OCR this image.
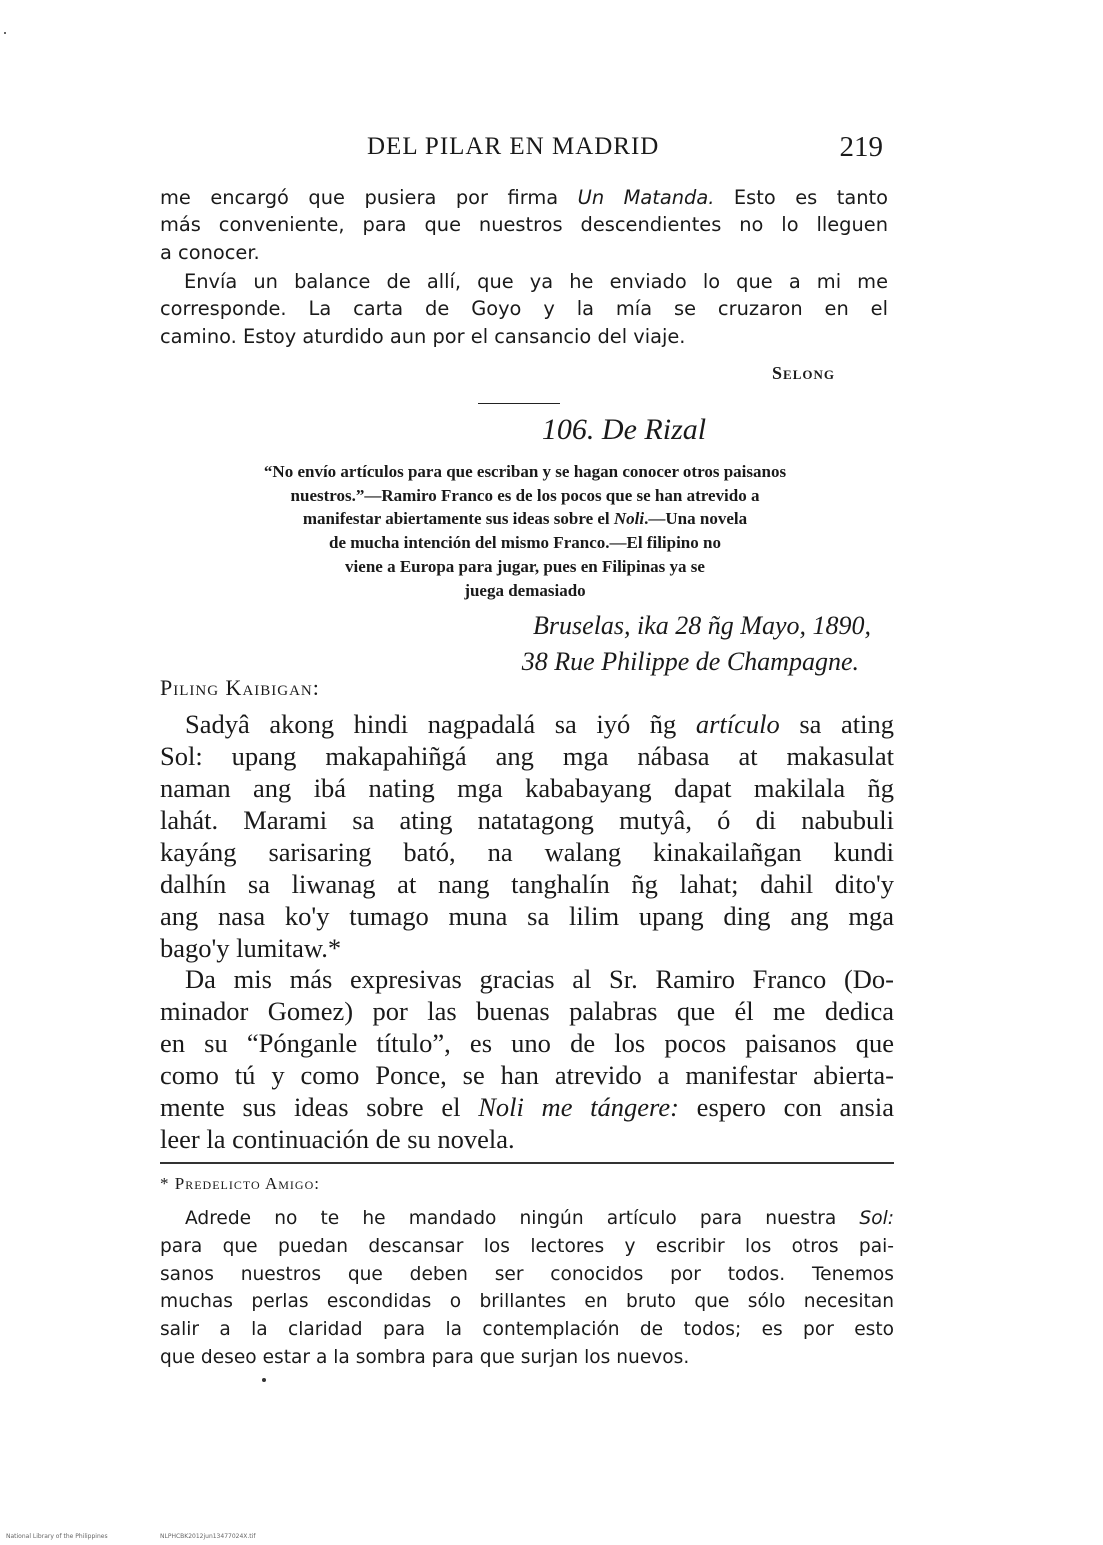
DEL PILAR EN MADRID	219
me encargó que pusiera por firma Un Matanda. Esto es tanto
más conveniente, para que nuestros descendientes no lo lleguen
a conocer.
Envía un balance de allí, que ya he enviado lo que a mi me
corresponde. La carta de Goyo y la mía se cruzaron en el
camino. Estoy aturdido aun por el cansancio del viaje.
Selong
106. De Rizal
“No envío artículos para que escriban y se hagan conocer otros paisanos
nuestros.”—Ramiro Franco es de los pocos que se han atrevido a
manifestar abiertamente sus ideas sobre el Noli.—Una novela
de mucha intención del mismo Franco.—El filipino no
viene a Europa para jugar, pues en Filipinas ya se
juega demasiado
Bruselas, ika 28 ñg Mayo, 1890,
38 Rue Philippe de Champagne.
Piling Kaibigan:
Sadyâ akong hindi nagpadalá sa iyó ñg artículo sa ating
Sol: upang makapahiñgá ang mga nábasa at makasulat
naman ang ibá nating mga kababayang dapat makilala ñg
lahát. Marami sa ating natatagong mutyâ, ó di nabubuli
kayáng sarisaring bató, na walang kinakailañgan kundi
dalhín sa liwanag at nang tanghalín ñg lahat; dahil dito'y
ang nasa ko'y tumago muna sa lilim upang ding ang mga
bago'y lumitaw.*
Da mis más expresivas gracias al Sr. Ramiro Franco (Do-
minador Gomez) por las buenas palabras que él me dedica
en su “Pónganle título”, es uno de los pocos paisanos que
como tú y como Ponce, se han atrevido a manifestar abierta-
mente sus ideas sobre el Noli me tángere: espero con ansia
leer la continuación de su novela.
* Predelicto Amigo:
Adrede no te he mandado ningún artículo para nuestra Sol:
para que puedan descansar los lectores y escribir los otros pai-
sanos nuestros que deben ser conocidos por todos. Tenemos
muchas perlas escondidas o brillantes en bruto que sólo necesitan
salir a la claridad para la contemplación de todos; es por esto
que deseo estar a la sombra para que surjan los nuevos.
National Library of the Philippines	NLPHCBK2012jun13477024X.tif
